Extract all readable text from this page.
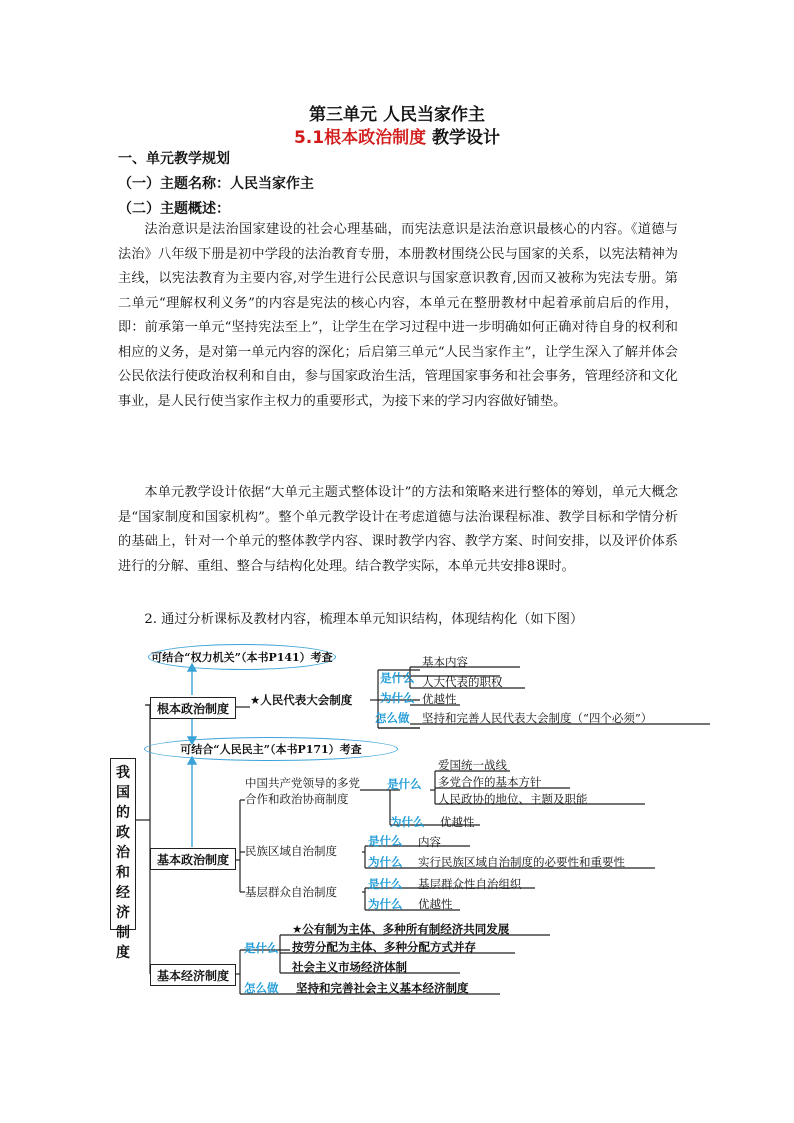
第三单元 人民当家作主
5.1根本政治制度 教学设计
一、单元教学规划
（一）主题名称：人民当家作主
（二）主题概述：
法治意识是法治国家建设的社会心理基础，而宪法意识是法治意识最核心的内容。《道德与法治》八年级下册是初中学段的法治教育专册，本册教材围绕公民与国家的关系，以宪法精神为主线，以宪法教育为主要内容,对学生进行公民意识与国家意识教育,因而又被称为宪法专册。第二单元“理解权利义务”的内容是宪法的核心内容，本单元在整册教材中起着承前启后的作用，即：前承第一单元“坚持宪法至上”，让学生在学习过程中进一步明确如何正确对待自身的权利和相应的义务，是对第一单元内容的深化；后启第三单元“人民当家作主”，让学生深入了解并体会公民依法行使政治权利和自由，参与国家政治生活，管理国家事务和社会事务，管理经济和文化事业，是人民行使当家作主权力的重要形式，为接下来的学习内容做好铺垫。
本单元教学设计依据“大单元主题式整体设计”的方法和策略来进行整体的筹划，单元大概念是“国家制度和国家机构”。整个单元教学设计在考虑道德与法治课程标准、教学目标和学情分析的基础上，针对一个单元的整体教学内容、课时教学内容、教学方案、时间安排，以及评价体系进行的分解、重组、整合与结构化处理。结合教学实际，本单元共安排8课时。
2. 通过分析课标及教材内容，梳理本单元知识结构，体现结构化（如下图）
可结合“权力机关”（本书P141）考查
可结合“人民民主”（本书P171）考查
我国的政治和经济制度
根本政治制度
★人民代表大会制度
是什么
基本内容
人大代表的职权
为什么 优越性
怎么做 坚持和完善人民代表大会制度（“四个必须”）
基本政治制度
中国共产党领导的多党
合作和政治协商制度
是什么
爱国统一战线
多党合作的基本方针
人民政协的地位、主题及职能
为什么 优越性
民族区域自治制度
是什么 内容
为什么 实行民族区域自治制度的必要性和重要性
基层群众自治制度
是什么 基层群众性自治组织
为什么 优越性
基本经济制度
是什么
★公有制为主体、多种所有制经济共同发展
按劳分配为主体、多种分配方式并存
社会主义市场经济体制
怎么做 坚持和完善社会主义基本经济制度
